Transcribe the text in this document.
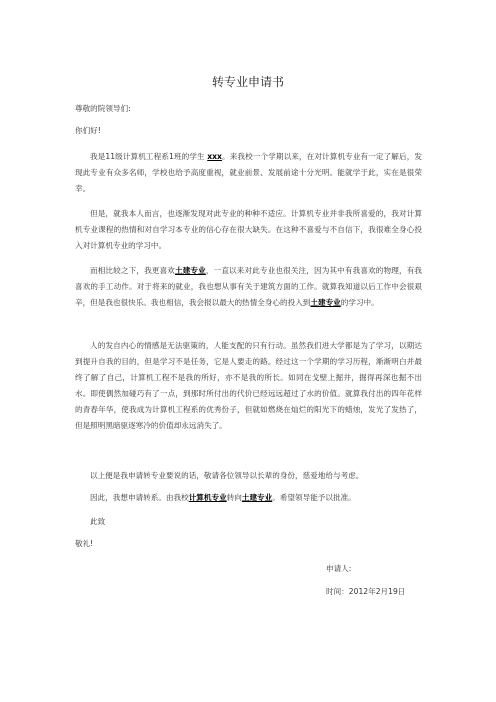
转专业申请书
尊敬的院领导们:
你们好!
我是11级计算机工程系1班的学生 xxx。来我校一个学期以来，在对计算机专业有一定了解后，发现此专业有众多名师，学校也给予高度重视，就业前景、发展前途十分光明。能就学于此，实在是很荣幸。
但是，就我本人而言，也逐渐发现对此专业的种种不适应。计算机专业并非我所喜爱的，我对计算机专业课程的热情和对自学习本专业的信心存在很大缺失。在这种不喜爱与不自信下，我很难全身心投入对计算机专业的学习中。
而相比较之下，我更喜欢土建专业，一直以来对此专业也很关注，因为其中有我喜欢的物理，有我喜欢的手工动作。对于将来的就业，我也想从事有关于建筑方面的工作。就算我知道以后工作中会很艰辛，但是我也很快乐。我也相信，我会报以最大的热情全身心的投入到土建专业的学习中。
人的发自内心的情感是无法驱策的，人能支配的只有行动。虽然我们进大学都是为了学习，以期达到提升自我的目的，但是学习不是任务，它是人要走的路。经过这一个学期的学习历程，渐渐明白并最终了解了自己，计算机工程不是我的所好，亦不是我的所长。如同在戈壁上掘井，掘得再深也掘不出水。即使偶然加碰巧有了一点，到那时所付出的代价已经远远超过了水的价值。就算我付出的四年花样的青春年华，使我成为计算机工程系的优秀份子，但就如燃烧在灿烂的阳光下的蜡烛，发光了发热了，但是照明黑暗驱逐寒冷的价值却永远消失了。
以上便是我申请转专业要说的话，敬请各位领导以长辈的身份，慈爱地给与考虑。
因此，我想申请转系。由我校计算机专业转向土建专业。希望领导能予以批准。
此致
敬礼!
申请人:
时间：2012年2月19日
